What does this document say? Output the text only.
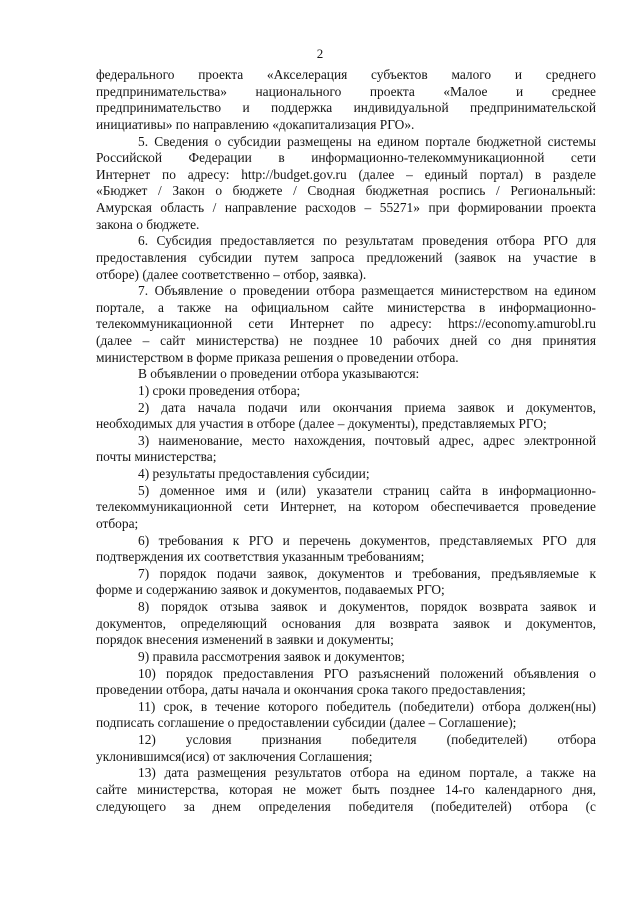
2
федерального проекта «Акселерация субъектов малого и среднего
предпринимательства» национального проекта «Малое и среднее
предпринимательство и поддержка индивидуальной предпринимательской
инициативы» по направлению «докапитализация РГО».
5. Сведения о субсидии размещены на едином портале бюджетной системы
Российской Федерации в информационно-телекоммуникационной сети
Интернет по адресу: http://budget.gov.ru (далее – единый портал) в разделе
«Бюджет / Закон о бюджете / Сводная бюджетная роспись / Региональный:
Амурская область / направление расходов – 55271» при формировании проекта
закона о бюджете.
6. Субсидия предоставляется по результатам проведения отбора РГО для
предоставления субсидии путем запроса предложений (заявок на участие в
отборе) (далее соответственно – отбор, заявка).
7. Объявление о проведении отбора размещается министерством на едином
портале, а также на официальном сайте министерства в информационно-
телекоммуникационной сети Интернет по адресу: https://economy.amurobl.ru
(далее – сайт министерства) не позднее 10 рабочих дней со дня принятия
министерством в форме приказа решения о проведении отбора.
В объявлении о проведении отбора указываются:
1) сроки проведения отбора;
2) дата начала подачи или окончания приема заявок и документов,
необходимых для участия в отборе (далее – документы), представляемых РГО;
3) наименование, место нахождения, почтовый адрес, адрес электронной
почты министерства;
4) результаты предоставления субсидии;
5) доменное имя и (или) указатели страниц сайта в информационно-
телекоммуникационной сети Интернет, на котором обеспечивается проведение
отбора;
6) требования к РГО и перечень документов, представляемых РГО для
подтверждения их соответствия указанным требованиям;
7) порядок подачи заявок, документов и требования, предъявляемые к
форме и содержанию заявок и документов, подаваемых РГО;
8) порядок отзыва заявок и документов, порядок возврата заявок и
документов, определяющий основания для возврата заявок и документов,
порядок внесения изменений в заявки и документы;
9) правила рассмотрения заявок и документов;
10) порядок предоставления РГО разъяснений положений объявления о
проведении отбора, даты начала и окончания срока такого предоставления;
11) срок, в течение которого победитель (победители) отбора должен(ны)
подписать соглашение о предоставлении субсидии (далее – Соглашение);
12) условия признания победителя (победителей) отбора
уклонившимся(ися) от заключения Соглашения;
13) дата размещения результатов отбора на едином портале, а также на
сайте министерства, которая не может быть позднее 14-го календарного дня,
следующего за днем определения победителя (победителей) отбора (с
